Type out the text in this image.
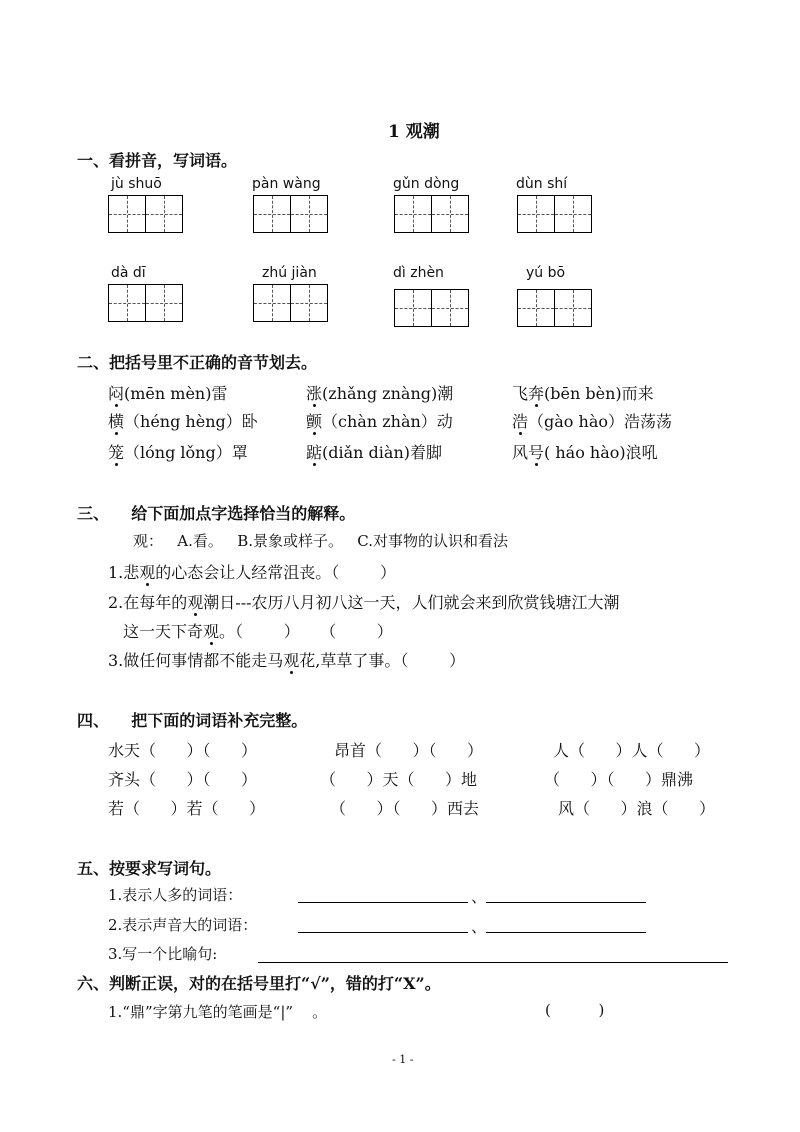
1 观潮
一、看拼音，写词语。
jù shuō	pàn wàng	gǔn dòng	dùn shí
dà dī	zhú jiàn	dì zhèn	yú bō
二、把括号里不正确的音节划去。
闷(mēn mèn)雷	涨(zhǎng znàng)潮	飞奔(bēn bèn)而来
横（héng hèng）卧	颤（chàn zhàn）动	浩（gào hào）浩荡荡
笼（lóng lǒng）罩	踮(diǎn diàn)着脚	风号( háo hào)浪吼
三、    给下面加点字选择恰当的解释。
观：   A.看。   B.景象或样子。   C.对事物的认识和看法
1.悲观的心态会让人经常沮丧。（        ）
2.在每年的观潮日---农历八月初八这一天，人们就会来到欣赏钱塘江大潮
这一天下奇观。（        ）    （        ）
3.做任何事情都不能走马观花,草草了事。（        ）
四、    把下面的词语补充完整。
水天（      ）（      ）	昂首（      ）（      ）	人（      ）人（      ）
齐头（      ）（      ）	（      ）天（      ）地	（      ）（      ）鼎沸
若（      ）若（      ）	（      ）（      ）西去	风（      ）浪（      ）
五、按要求写词句。
1.表示人多的词语：	、
2.表示声音大的词语：	、
3.写一个比喻句:
六、判断正误，对的在括号里打“√”，错的打“X”。
1.“鼎”字第九笔的笔画是“|”    。	(          )
- 1 -
